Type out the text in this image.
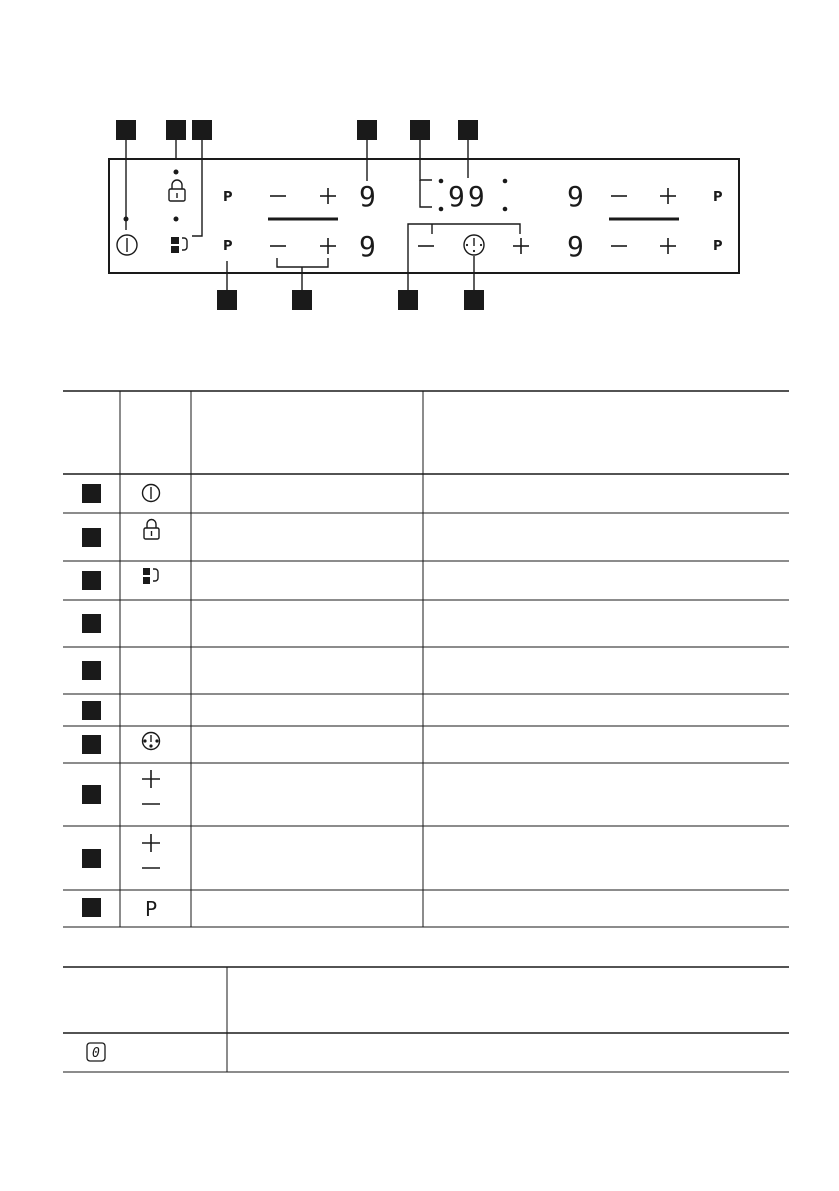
P
P
P
P
9
9
99	9
9
P
0
